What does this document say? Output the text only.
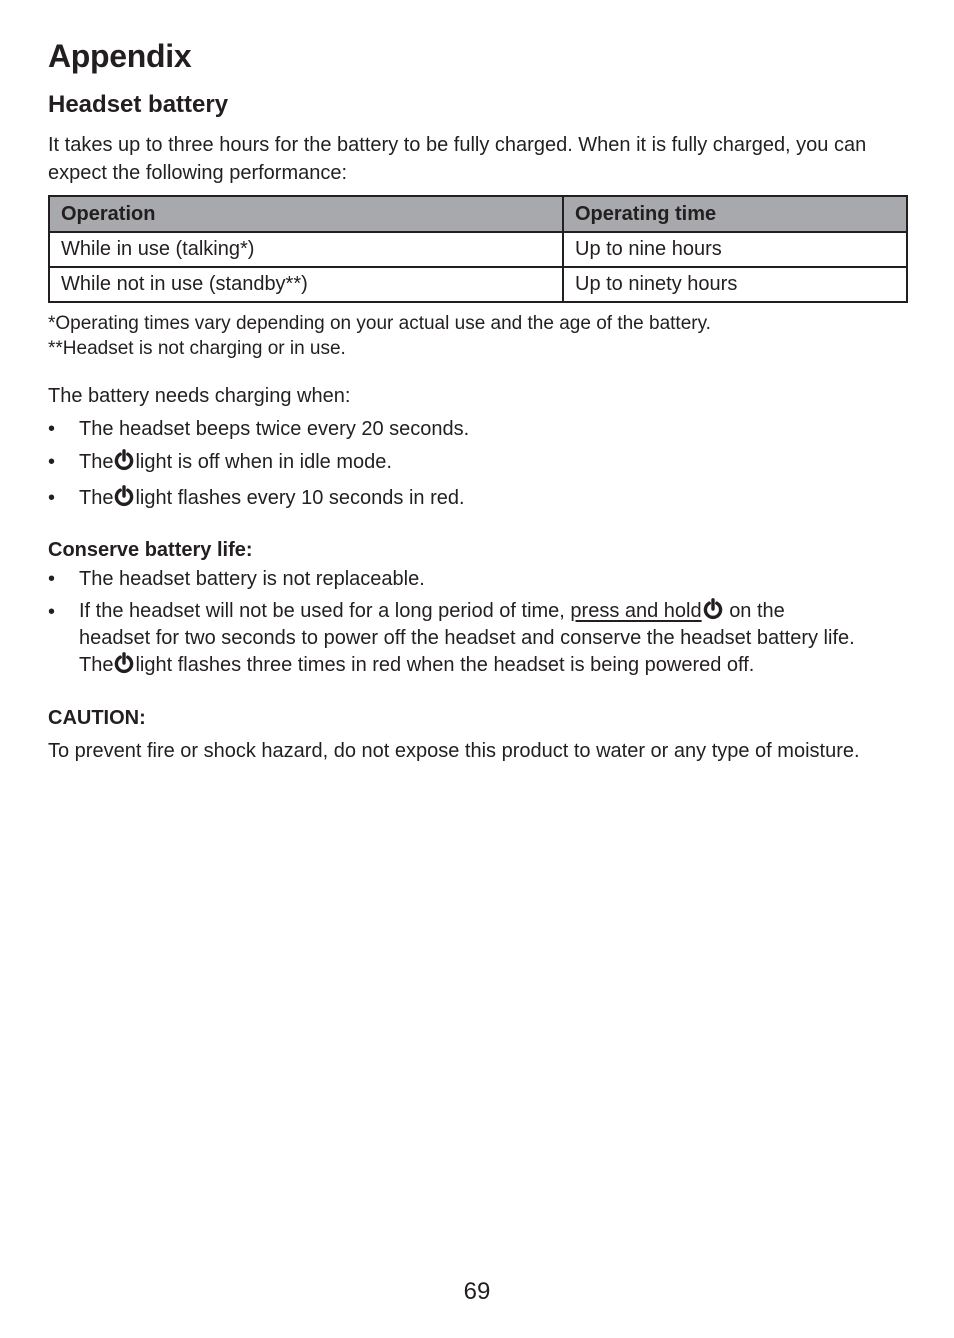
Appendix
Headset battery

It takes up to three hours for the battery to be fully charged. When it is fully charged, you can expect the following performance:

Operation	Operating time
While in use (talking*)	Up to nine hours
While not in use (standby**)	Up to ninety hours

*Operating times vary depending on your actual use and the age of the battery.

**Headset is not charging or in use.

The battery needs charging when:

• The headset beeps twice every 20 seconds.
• The light is off when in idle mode.
• The light flashes every 10 seconds in red.

Conserve battery life:

• The headset battery is not replaceable.
• If the headset will not be used for a long period of time, press and hold on the
headset for two seconds to power off the headset and conserve the headset battery life.
The light flashes three times in red when the headset is being powered off.

CAUTION:

To prevent fire or shock hazard, do not expose this product to water or any type of moisture.

69
